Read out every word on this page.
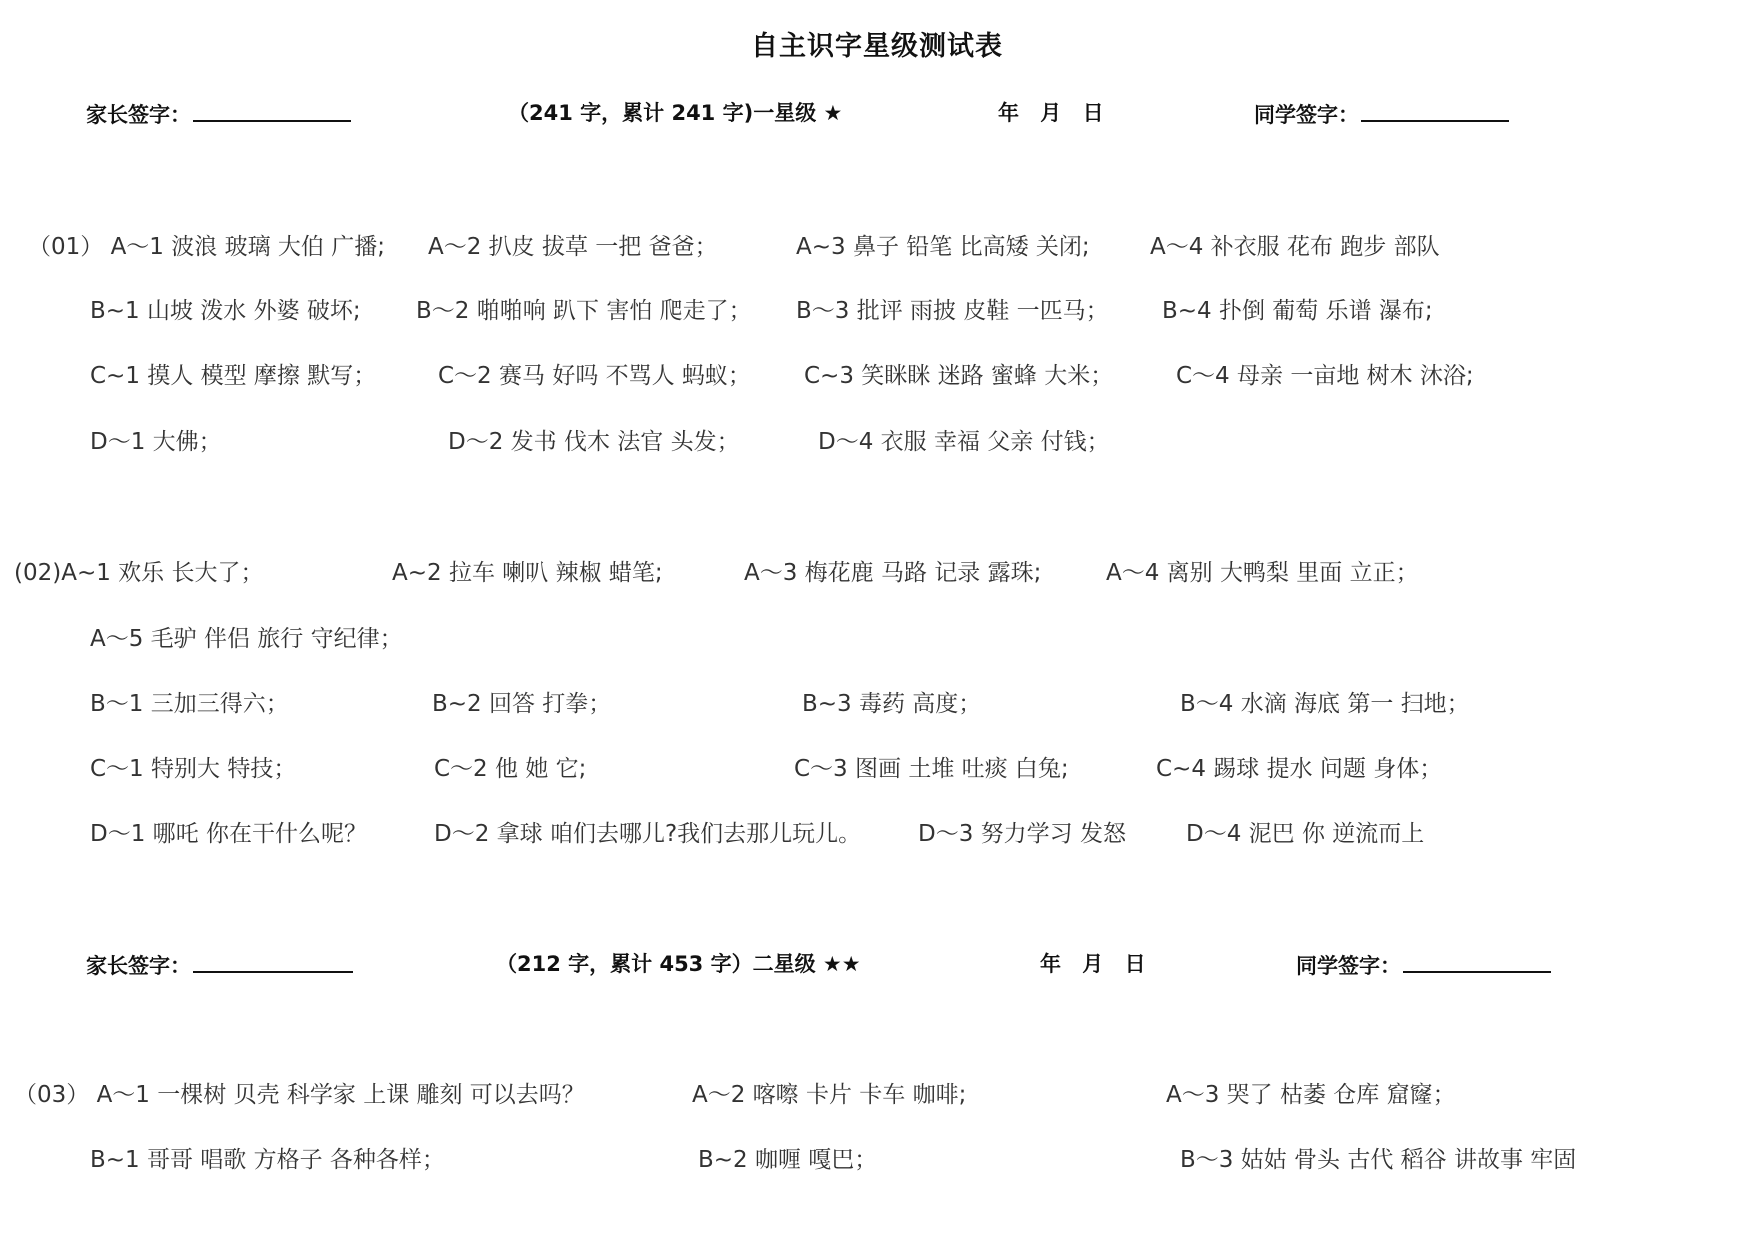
自主识字星级测试表
家长签字：	（241 字，累计 241 字)一星级 ★	年 月 日	同学签字：
（01） A～1 波浪 玻璃 大伯 广播; A～2 扒皮 拔草 一把 爸爸；	A~3 鼻子 铅笔 比高矮 关闭;	A～4 补衣服 花布 跑步 部队
B~1 山坡 泼水 外婆 破坏; B～2 啪啪响 趴下 害怕 爬走了； B～3 批评 雨披 皮鞋 一匹马； B~4 扑倒 葡萄 乐谱 瀑布;
C~1 摸人 模型 摩擦 默写；	C～2 赛马 好吗 不骂人 蚂蚁； C~3 笑眯眯 迷路 蜜蜂 大米；	C～4 母亲 一亩地 树木 沐浴;
D～1 大佛；	D～2 发书 伐木 法官 头发；	D～4 衣服 幸福 父亲 付钱；
(02)A~1 欢乐 长大了；	A~2 拉车 喇叭 辣椒 蜡笔;	A～3 梅花鹿 马路 记录 露珠;	A～4 离别 大鸭梨 里面 立正；
A～5 毛驴 伴侣 旅行 守纪律；
B～1 三加三得六；	B~2 回答 打拳；	B~3 毒药 高度；	B～4 水滴 海底 第一 扫地；
C～1 特别大 特技；	C～2 他 她 它;	C～3 图画 土堆 吐痰 白兔;	C~4 踢球 提水 问题 身体；
D～1 哪吒 你在干什么呢？	D～2 拿球 咱们去哪儿?我们去那儿玩儿。 D～3 努力学习 发怒	D～4 泥巴 你 逆流而上
家长签字：	（212 字，累计 453 字）二星级 ★★	年 月 日	同学签字：
（03） A～1 一棵树 贝壳 科学家 上课 雕刻 可以去吗？	A～2 喀嚓 卡片 卡车 咖啡;	A～3 哭了 枯萎 仓库 窟窿；
B~1 哥哥 唱歌 方格子 各种各样；	B~2 咖喱 嘎巴；	B～3 姑姑 骨头 古代 稻谷 讲故事 牢固
